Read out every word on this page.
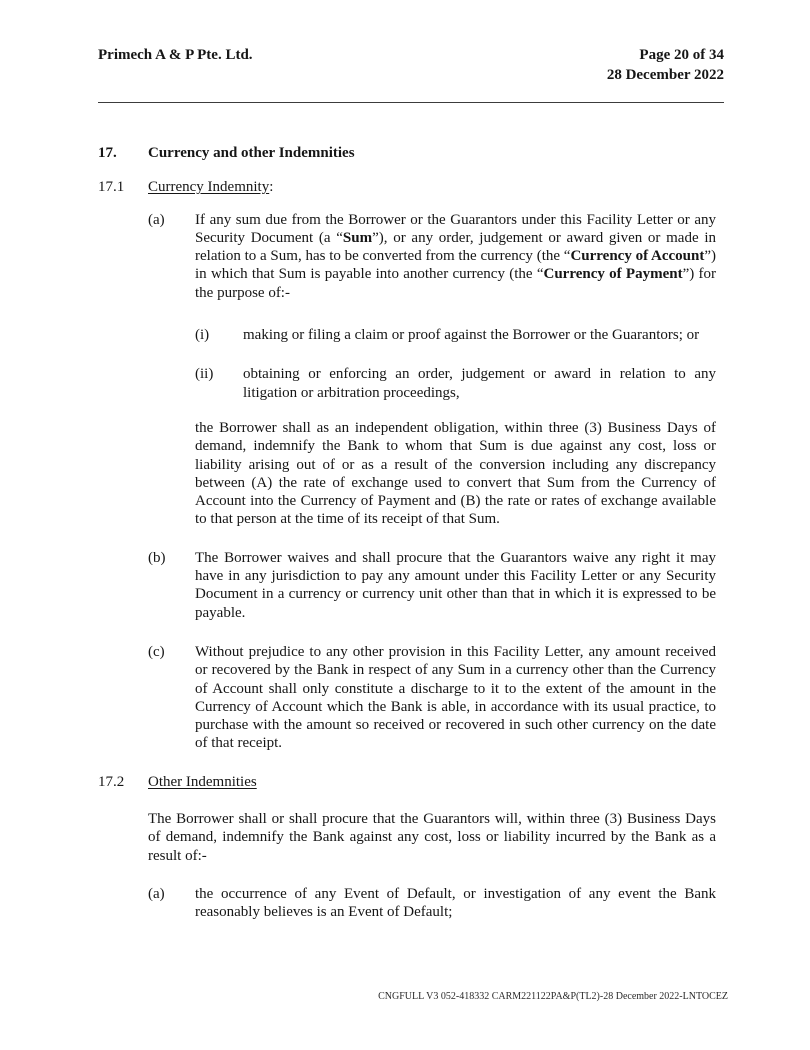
Primech A & P Pte. Ltd.	Page 20 of 34
28 December 2022
17.	Currency and other Indemnities
17.1	Currency Indemnity:
(a)	If any sum due from the Borrower or the Guarantors under this Facility Letter or any Security Document (a “Sum”), or any order, judgement or award given or made in relation to a Sum, has to be converted from the currency (the “Currency of Account”) in which that Sum is payable into another currency (the “Currency of Payment”) for the purpose of:-
(i)	making or filing a claim or proof against the Borrower or the Guarantors; or
(ii)	obtaining or enforcing an order, judgement or award in relation to any litigation or arbitration proceedings,
the Borrower shall as an independent obligation, within three (3) Business Days of demand, indemnify the Bank to whom that Sum is due against any cost, loss or liability arising out of or as a result of the conversion including any discrepancy between (A) the rate of exchange used to convert that Sum from the Currency of Account into the Currency of Payment and (B) the rate or rates of exchange available to that person at the time of its receipt of that Sum.
(b)	The Borrower waives and shall procure that the Guarantors waive any right it may have in any jurisdiction to pay any amount under this Facility Letter or any Security Document in a currency or currency unit other than that in which it is expressed to be payable.
(c)	Without prejudice to any other provision in this Facility Letter, any amount received or recovered by the Bank in respect of any Sum in a currency other than the Currency of Account shall only constitute a discharge to it to the extent of the amount in the Currency of Account which the Bank is able, in accordance with its usual practice, to purchase with the amount so received or recovered in such other currency on the date of that receipt.
17.2	Other Indemnities
The Borrower shall or shall procure that the Guarantors will, within three (3) Business Days of demand, indemnify the Bank against any cost, loss or liability incurred by the Bank as a result of:-
(a)	the occurrence of any Event of Default, or investigation of any event the Bank reasonably believes is an Event of Default;
CNGFULL V3 052-418332 CARM221122PA&P(TL2)-28 December 2022-LNTOCEZ
